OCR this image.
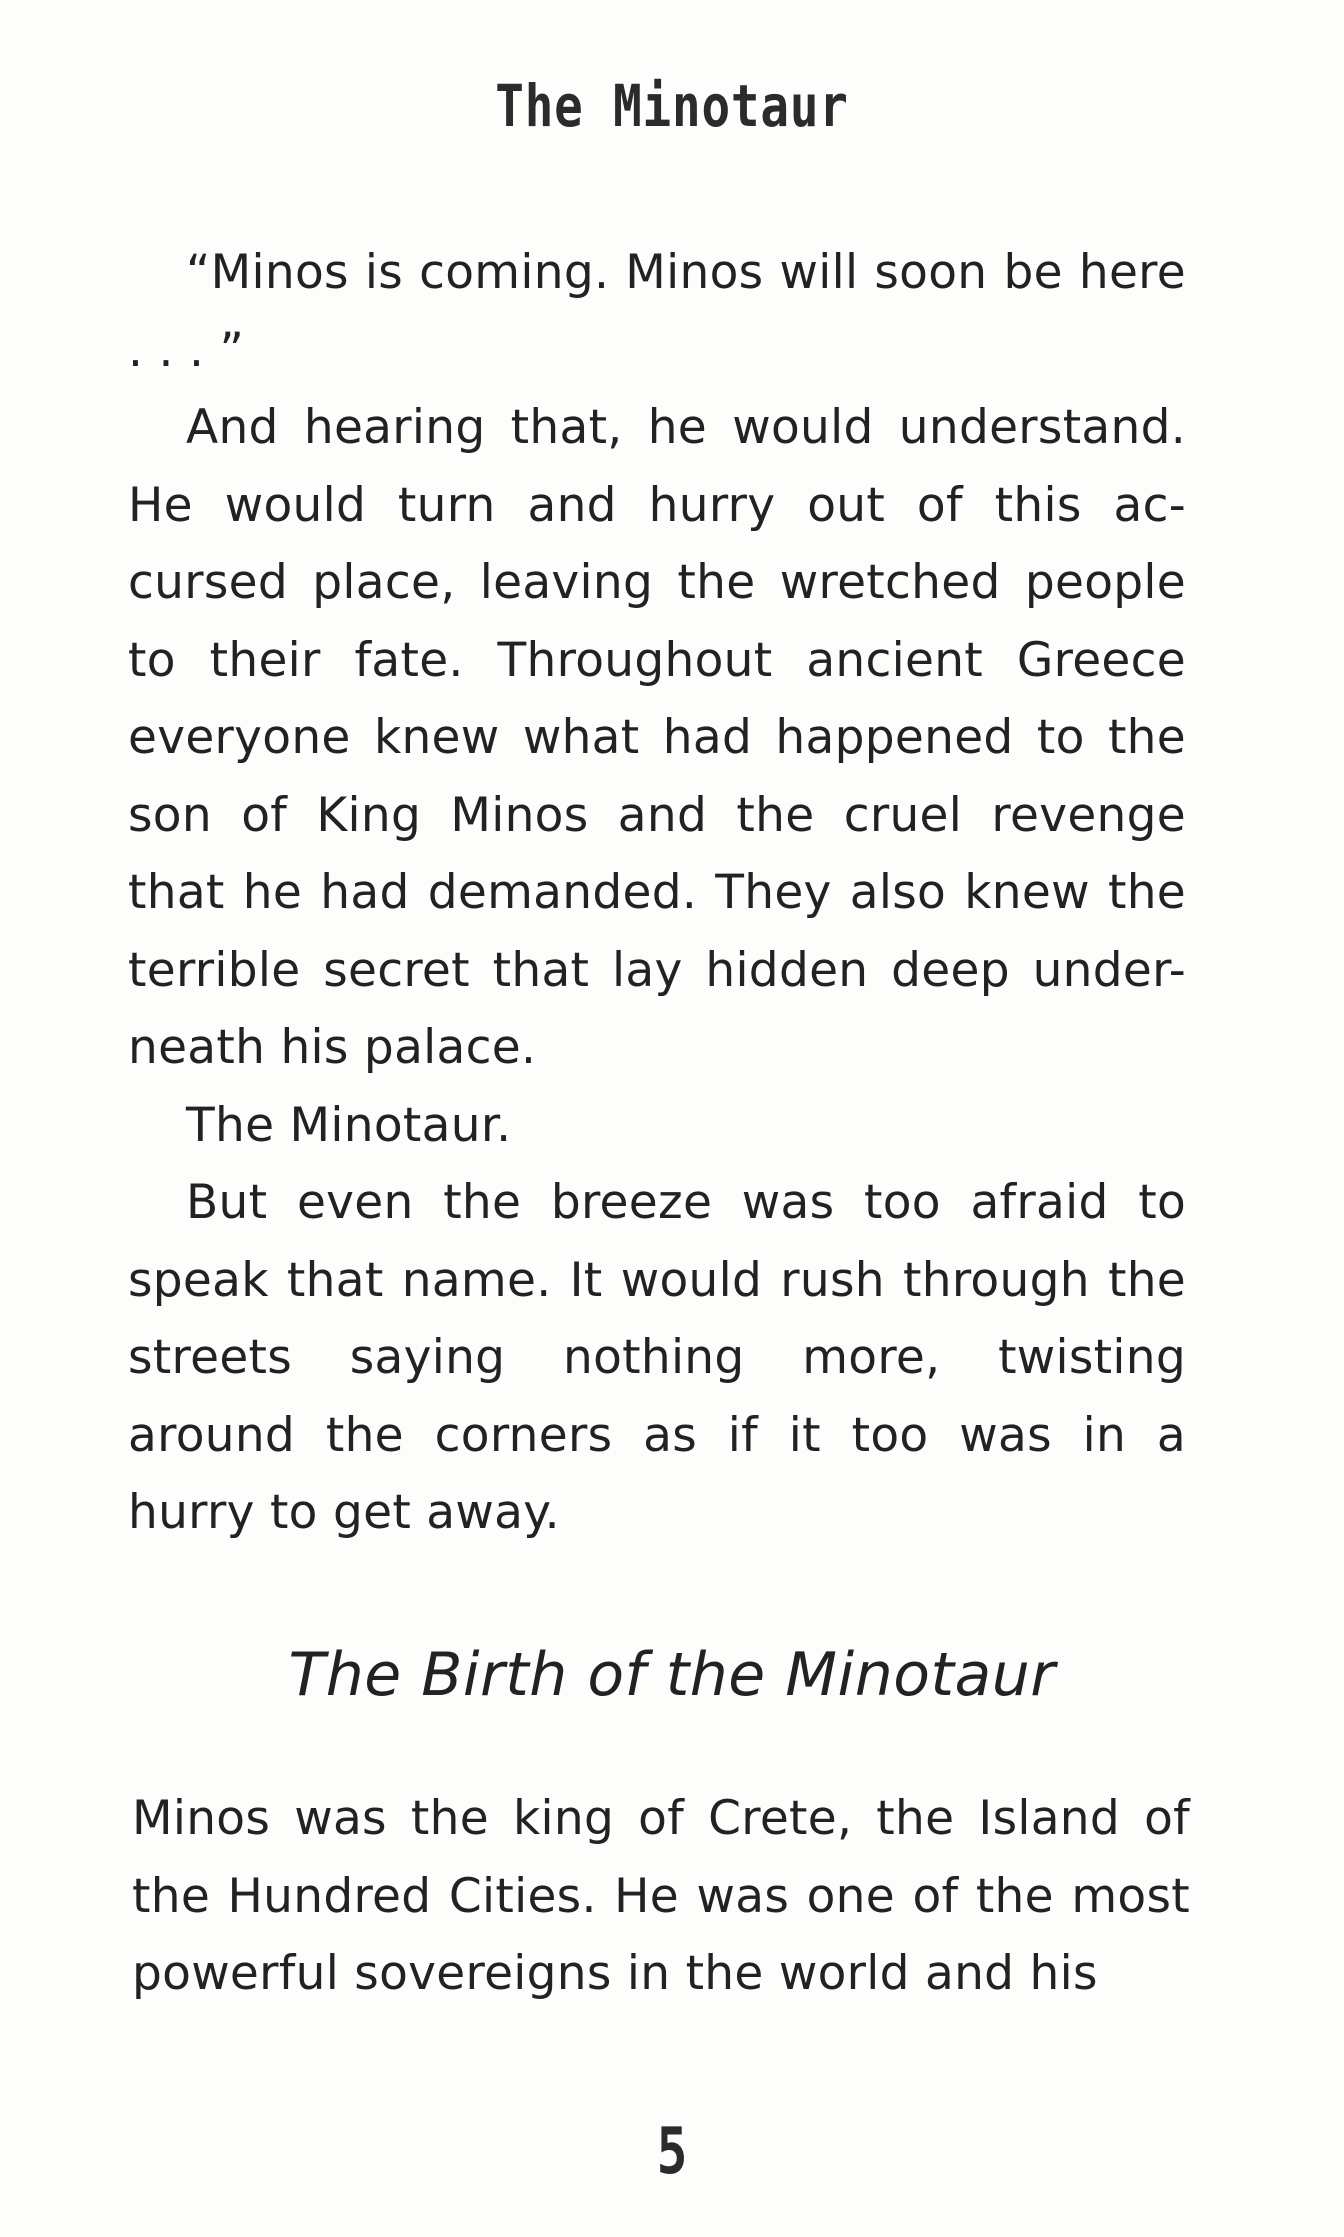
The Minotaur

“Minos is coming. Minos will soon be here . . . ”

And hearing that, he would understand. He would turn and hurry out of this ac-cursed place, leaving the wretched people to their fate. Throughout ancient Greece everyone knew what had happened to the son of King Minos and the cruel revenge that he had demanded. They also knew the terrible secret that lay hidden deep under-neath his palace.

The Minotaur.

But even the breeze was too afraid to speak that name. It would rush through the streets saying nothing more, twisting around the corners as if it too was in a hurry to get away.

The Birth of the Minotaur

Minos was the king of Crete, the Island of the Hundred Cities. He was one of the most powerful sovereigns in the world and his

5
